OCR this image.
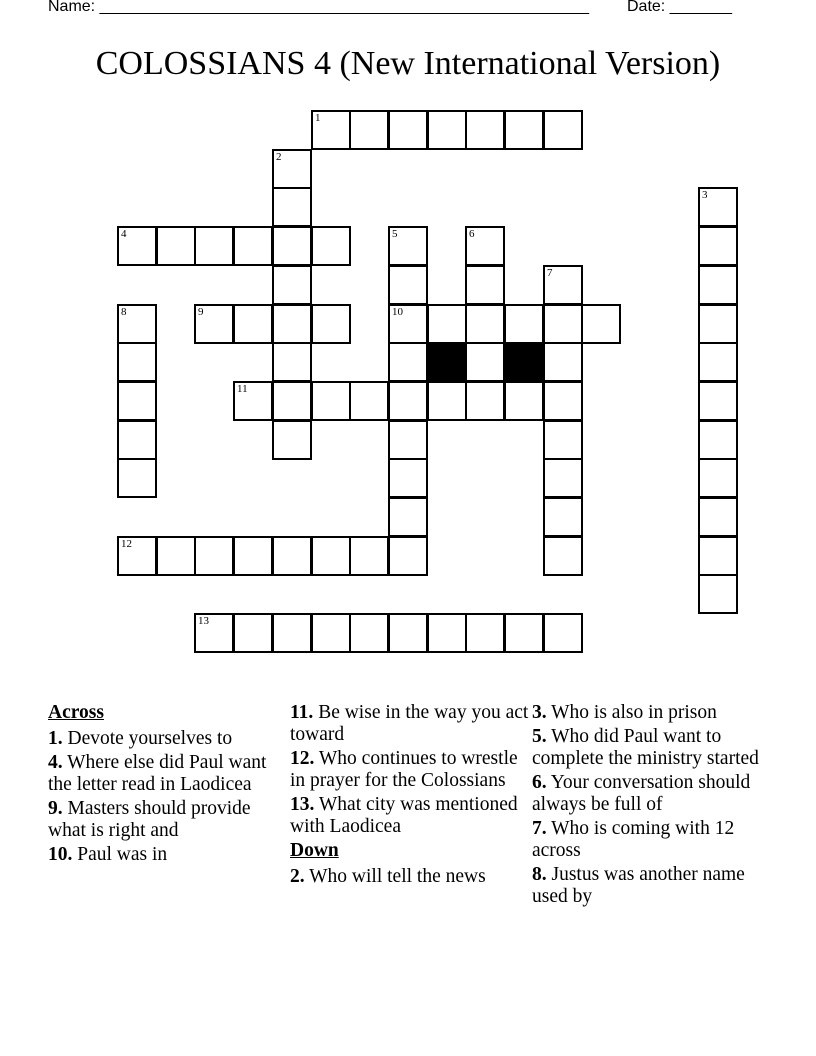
Name: _______________________________________________________ Date: _______
COLOSSIANS 4 (New International Version)
1
2
3
4	5	6
7
8	9	10
11
12
13
Across
1. Devote yourselves to
4. Where else did Paul want the letter read in Laodicea
9. Masters should provide what is right and
10. Paul was in
11. Be wise in the way you act toward
12. Who continues to wrestle in prayer for the Colossians
13. What city was mentioned with Laodicea
Down
2. Who will tell the news
3. Who is also in prison
5. Who did Paul want to complete the ministry started
6. Your conversation should always be full of
7. Who is coming with 12 across
8. Justus was another name used by
